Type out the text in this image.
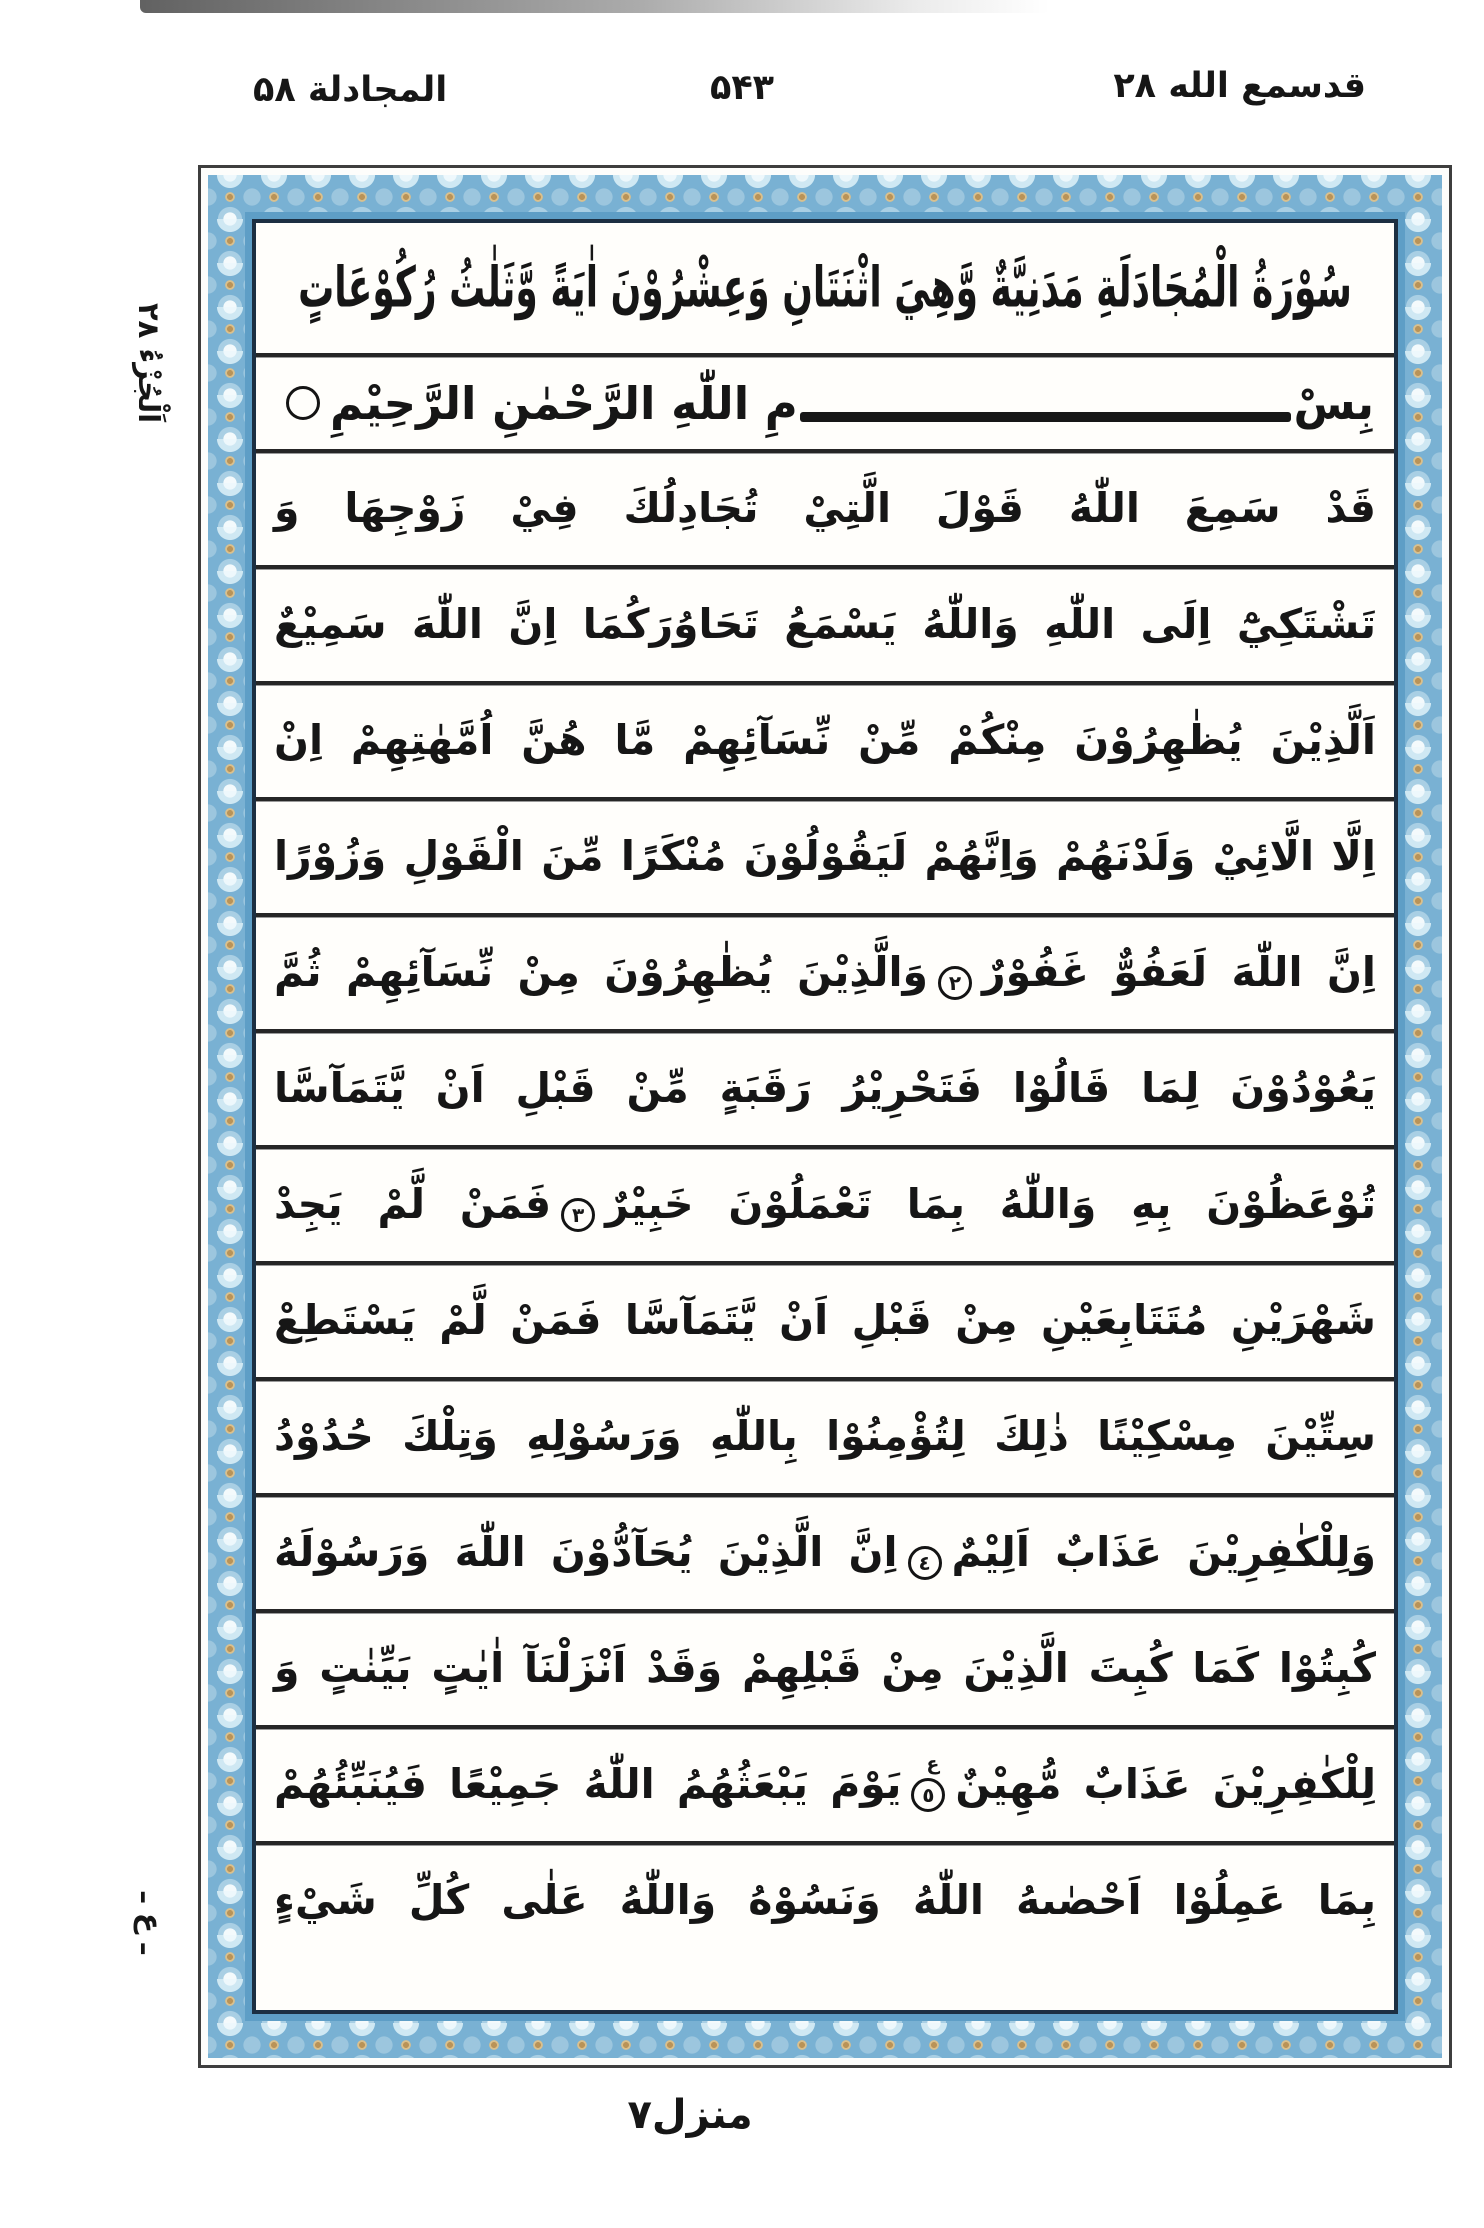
قدسمع الله ۲۸
۵۴۳
المجادلة ۵۸
اَلْجُزْءُ ۲۸
ـ ع ـ
سُوْرَةُ الْمُجَادَلَةِ مَدَنِيَّةٌ وَّهِيَ اثْنَتَانِ وَعِشْرُوْنَ اٰيَةً وَّثَلٰثُ رُكُوْعَاتٍ
بِسْ
مِ اللّٰهِ الرَّحْمٰنِ الرَّحِيْمِ
قَدْ سَمِعَ اللّٰهُ قَوْلَ الَّتِيْ تُجَادِلُكَ فِيْ زَوْجِهَا وَ
تَشْتَكِيْٓ اِلَى اللّٰهِ وَاللّٰهُ يَسْمَعُ تَحَاوُرَكُمَا اِنَّ اللّٰهَ سَمِيْعٌ
اَلَّذِيْنَ يُظٰهِرُوْنَ مِنْكُمْ مِّنْ نِّسَآئِهِمْ مَّا هُنَّ اُمَّهٰتِهِمْ اِنْ
اِلَّا الَّائِيْ وَلَدْنَهُمْ وَاِنَّهُمْ لَيَقُوْلُوْنَ مُنْكَرًا مِّنَ الْقَوْلِ وَزُوْرًا
اِنَّ اللّٰهَ لَعَفُوٌّ غَفُوْرٌ٢وَالَّذِيْنَ يُظٰهِرُوْنَ مِنْ نِّسَآئِهِمْ ثُمَّ
يَعُوْدُوْنَ لِمَا قَالُوْا فَتَحْرِيْرُ رَقَبَةٍ مِّنْ قَبْلِ اَنْ يَّتَمَآسَّا
تُوْعَظُوْنَ بِهِ وَاللّٰهُ بِمَا تَعْمَلُوْنَ خَبِيْرٌ٣فَمَنْ لَّمْ يَجِدْ
شَهْرَيْنِ مُتَتَابِعَيْنِ مِنْ قَبْلِ اَنْ يَّتَمَآسَّا فَمَنْ لَّمْ يَسْتَطِعْ
سِتِّيْنَ مِسْكِيْنًا ذٰلِكَ لِتُؤْمِنُوْا بِاللّٰهِ وَرَسُوْلِهِ وَتِلْكَ حُدُوْدُ
وَلِلْكٰفِرِيْنَ عَذَابٌ اَلِيْمٌ٤اِنَّ الَّذِيْنَ يُحَآدُّوْنَ اللّٰهَ وَرَسُوْلَهُ
كُبِتُوْا كَمَا كُبِتَ الَّذِيْنَ مِنْ قَبْلِهِمْ وَقَدْ اَنْزَلْنَآ اٰيٰتٍ بَيِّنٰتٍ وَ
لِلْكٰفِرِيْنَ عَذَابٌ مُّهِيْنٌ٥
ع
يَوْمَ يَبْعَثُهُمُ اللّٰهُ جَمِيْعًا فَيُنَبِّئُهُمْ
بِمَا عَمِلُوْا اَحْصٰىهُ اللّٰهُ وَنَسُوْهُ وَاللّٰهُ عَلٰى كُلِّ شَيْءٍ
منزل۷
